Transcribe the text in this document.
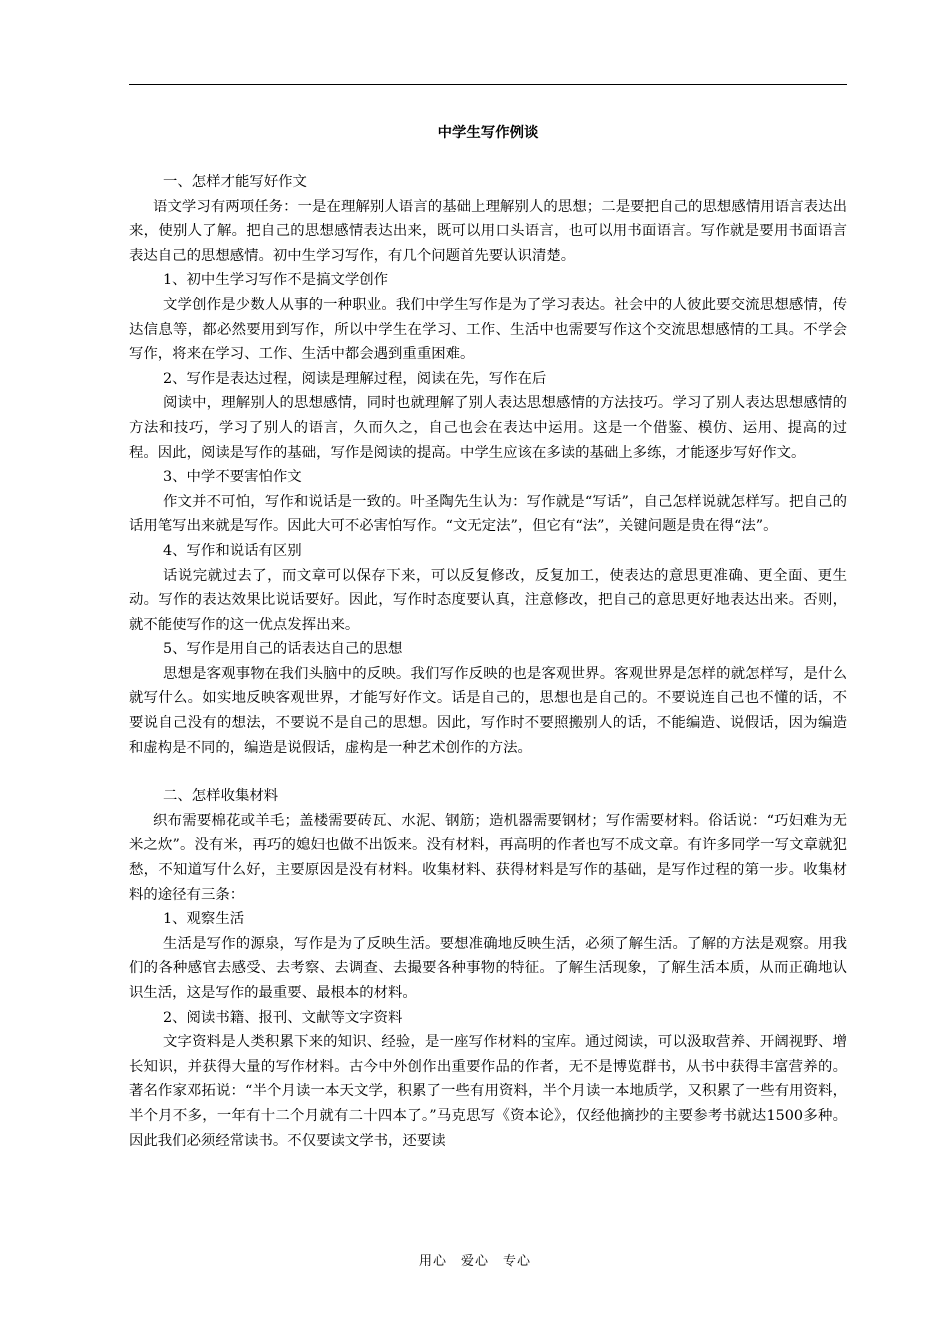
中学生写作例谈
一、怎样才能写好作文
语文学习有两项任务：一是在理解别人语言的基础上理解别人的思想；二是要把自己的思想感情用语言表达出来，使别人了解。把自己的思想感情表达出来，既可以用口头语言，也可以用书面语言。写作就是要用书面语言表达自己的思想感情。初中生学习写作，有几个问题首先要认识清楚。
1、初中生学习写作不是搞文学创作
文学创作是少数人从事的一种职业。我们中学生写作是为了学习表达。社会中的人彼此要交流思想感情，传达信息等，都必然要用到写作，所以中学生在学习、工作、生活中也需要写作这个交流思想感情的工具。不学会写作，将来在学习、工作、生活中都会遇到重重困难。
2、写作是表达过程，阅读是理解过程，阅读在先，写作在后
阅读中，理解别人的思想感情，同时也就理解了别人表达思想感情的方法技巧。学习了别人表达思想感情的方法和技巧，学习了别人的语言，久而久之，自己也会在表达中运用。这是一个借鉴、模仿、运用、提高的过程。因此，阅读是写作的基础，写作是阅读的提高。中学生应该在多读的基础上多练，才能逐步写好作文。
3、中学不要害怕作文
作文并不可怕，写作和说话是一致的。叶圣陶先生认为：写作就是“写话”，自己怎样说就怎样写。把自己的话用笔写出来就是写作。因此大可不必害怕写作。“文无定法”，但它有“法”，关键问题是贵在得“法”。
4、写作和说话有区别
话说完就过去了，而文章可以保存下来，可以反复修改，反复加工，使表达的意思更准确、更全面、更生动。写作的表达效果比说话要好。因此，写作时态度要认真，注意修改，把自己的意思更好地表达出来。否则，就不能使写作的这一优点发挥出来。
5、写作是用自己的话表达自己的思想
思想是客观事物在我们头脑中的反映。我们写作反映的也是客观世界。客观世界是怎样的就怎样写，是什么就写什么。如实地反映客观世界，才能写好作文。话是自己的，思想也是自己的。不要说连自己也不懂的话，不要说自己没有的想法，不要说不是自己的思想。因此，写作时不要照搬别人的话，不能编造、说假话，因为编造和虚构是不同的，编造是说假话，虚构是一种艺术创作的方法。
二、怎样收集材料
织布需要棉花或羊毛；盖楼需要砖瓦、水泥、钢筋；造机器需要钢材；写作需要材料。俗话说：“巧妇难为无米之炊”。没有米，再巧的媳妇也做不出饭来。没有材料，再高明的作者也写不成文章。有许多同学一写文章就犯愁，不知道写什么好，主要原因是没有材料。收集材料、获得材料是写作的基础，是写作过程的第一步。收集材料的途径有三条：
1、观察生活
生活是写作的源泉，写作是为了反映生活。要想准确地反映生活，必须了解生活。了解的方法是观察。用我们的各种感官去感受、去考察、去调查、去撮要各种事物的特征。了解生活现象，了解生活本质，从而正确地认识生活，这是写作的最重要、最根本的材料。
2、阅读书籍、报刊、文献等文字资料
文字资料是人类积累下来的知识、经验，是一座写作材料的宝库。通过阅读，可以汲取营养、开阔视野、增长知识，并获得大量的写作材料。古今中外创作出重要作品的作者，无不是博览群书，从书中获得丰富营养的。著名作家邓拓说：“半个月读一本天文学，积累了一些有用资料，半个月读一本地质学，又积累了一些有用资料，半个月不多，一年有十二个月就有二十四本了。”马克思写《资本论》，仅经他摘抄的主要参考书就达1500多种。因此我们必须经常读书。不仅要读文学书，还要读
用心　爱心　专心
